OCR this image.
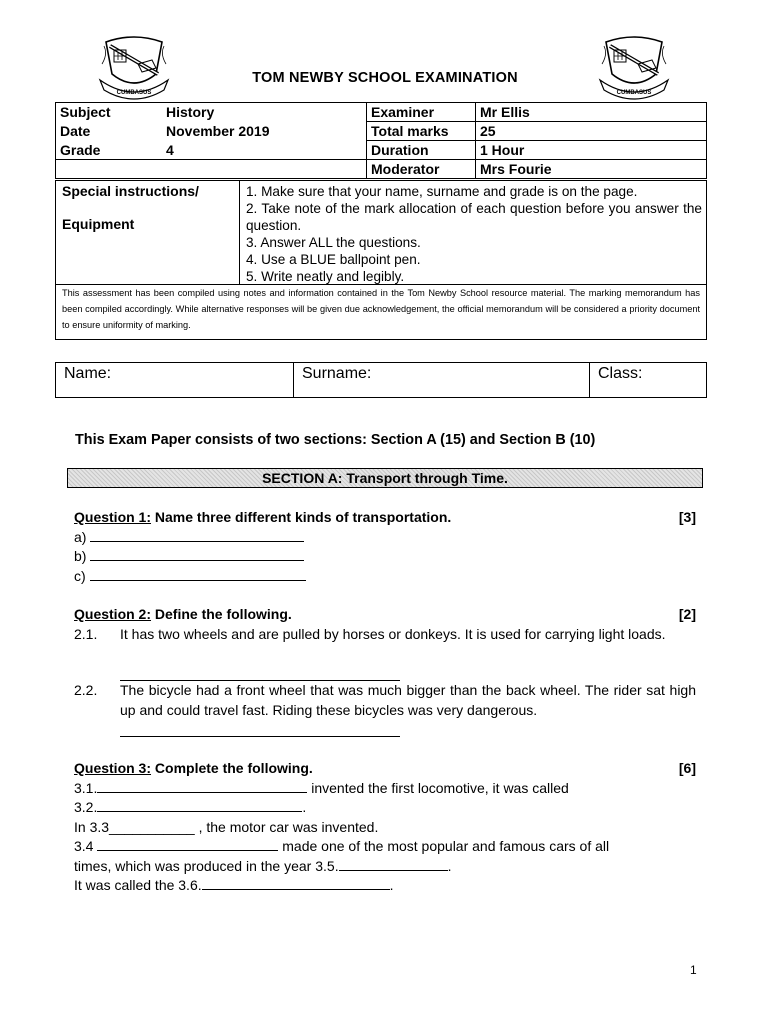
CUMBASUS	CUMBASUS
TOM NEWBY SCHOOL EXAMINATION
Subject	History	Examiner	Mr Ellis
Date	November 2019	Total marks	25
Grade	4	Duration	1 Hour
		Moderator	Mrs Fourie
Special instructions/
Equipment
1. Make sure that your name, surname and grade is on the page.
2. Take note of the mark allocation of each question before you answer the question.
3. Answer ALL the questions.
4. Use a BLUE ballpoint pen.
5. Write neatly and legibly.
This assessment has been compiled using notes and information contained in the Tom Newby School resource material. The marking memorandum has been compiled accordingly. While alternative responses will be given due acknowledgement, the official memorandum will be considered a priority document to ensure uniformity of marking.
Name:	Surname:	Class:
This Exam Paper consists of two sections: Section A (15) and Section B (10)
SECTION A: Transport through Time.
Question 1: Name three different kinds of transportation.	[3]
a)
b)
c)
Question 2: Define the following.	[2]
2.1. It has two wheels and are pulled by horses or donkeys. It is used for carrying light loads.
2.2. The bicycle had a front wheel that was much bigger than the back wheel. The rider sat high up and could travel fast. Riding these bicycles was very dangerous.
Question 3: Complete the following.	[6]
3.1.	invented the first locomotive, it was called
3.2.	.
In 3.3___________ , the motor car was invented.
3.4	made one of the most popular and famous cars of all
times, which was produced in the year 3.5.	.
It was called the 3.6.	.
1
